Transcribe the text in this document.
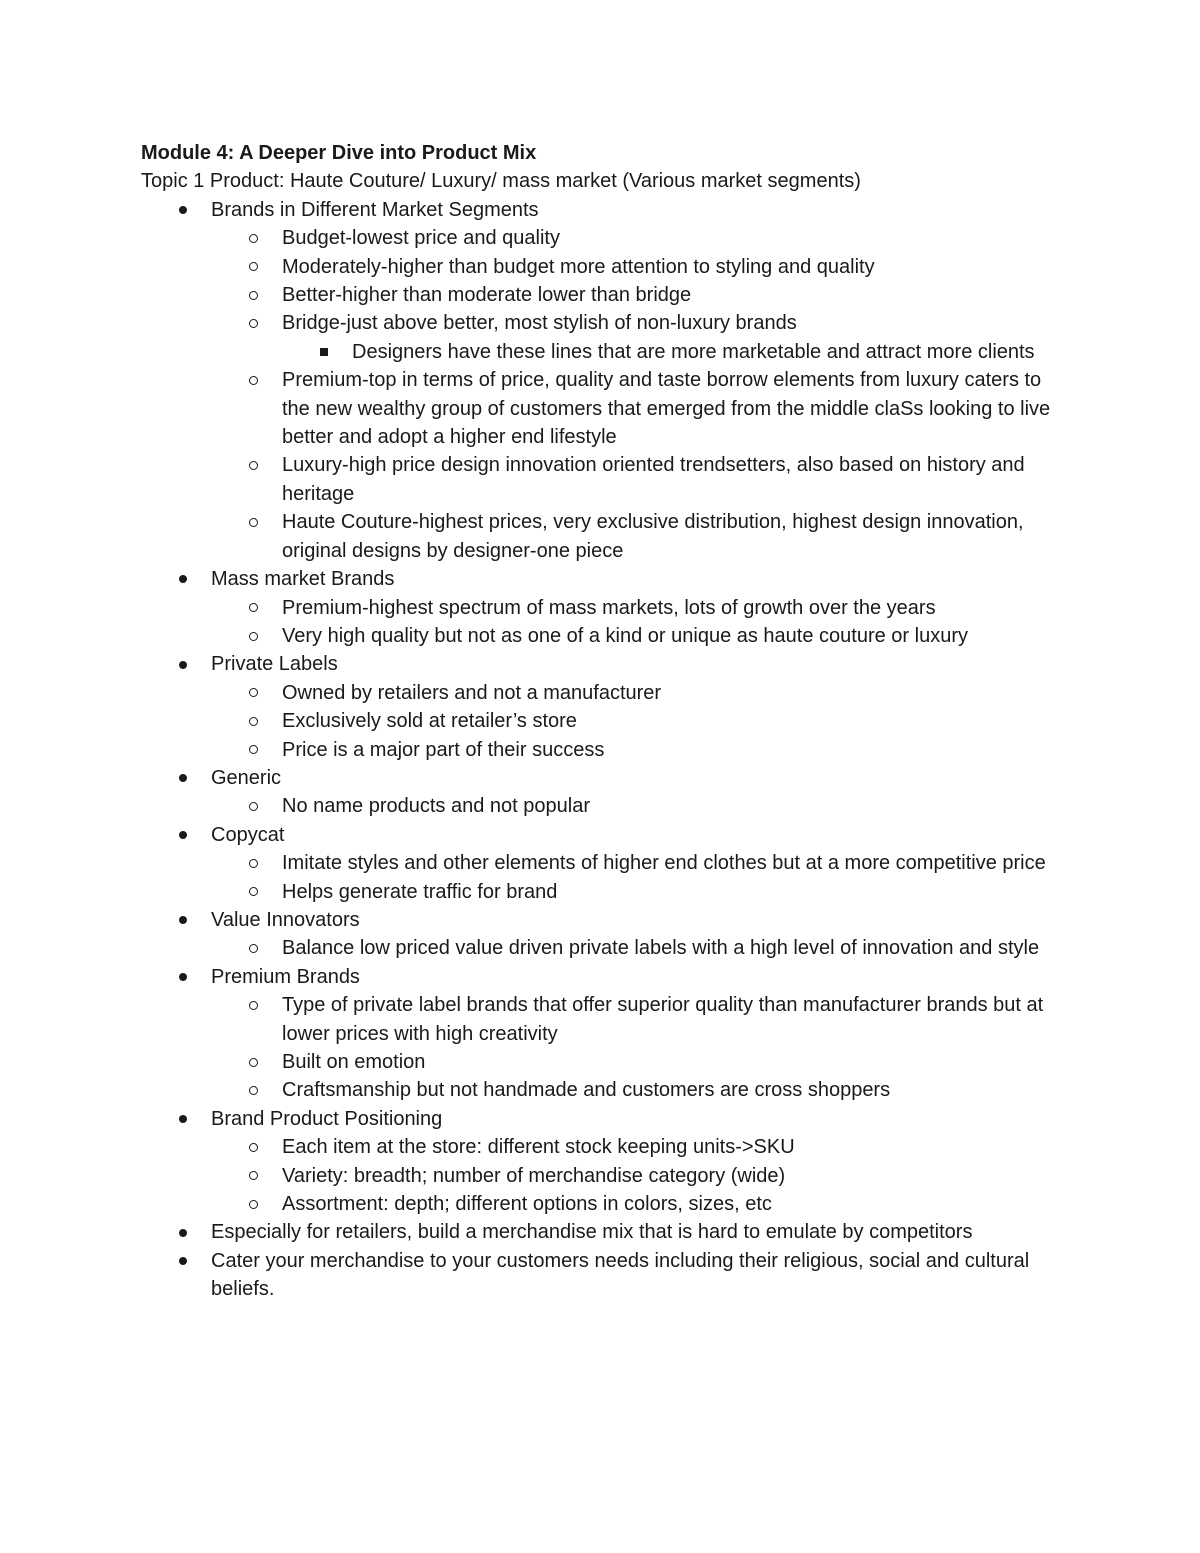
Module 4: A Deeper Dive into Product Mix

Topic 1 Product: Haute Couture/ Luxury/ mass market (Various market segments)

Brands in Different Market Segments
Budget-lowest price and quality
Moderately-higher than budget more attention to styling and quality
Better-higher than moderate lower than bridge
Bridge-just above better, most stylish of non-luxury brands
Designers have these lines that are more marketable and attract more clients
Premium-top in terms of price, quality and taste borrow elements from luxury caters to the new wealthy group of customers that emerged from the middle claSs looking to live better and adopt a higher end lifestyle
Luxury-high price design innovation oriented trendsetters, also based on history and heritage
Haute Couture-highest prices, very exclusive distribution, highest design innovation, original designs by designer-one piece
Mass market Brands
Premium-highest spectrum of mass markets, lots of growth over the years
Very high quality but not as one of a kind or unique as haute couture or luxury
Private Labels
Owned by retailers and not a manufacturer
Exclusively sold at retailer’s store
Price is a major part of their success
Generic
No name products and not popular
Copycat
Imitate styles and other elements of higher end clothes but at a more competitive price
Helps generate traffic for brand
Value Innovators
Balance low priced value driven private labels with a high level of innovation and style
Premium Brands
Type of private label brands that offer superior quality than manufacturer brands but at lower prices with high creativity
Built on emotion
Craftsmanship but not handmade and customers are cross shoppers
Brand Product Positioning
Each item at the store: different stock keeping units->SKU
Variety: breadth; number of merchandise category (wide)
Assortment: depth; different options in colors, sizes, etc
Especially for retailers, build a merchandise mix that is hard to emulate by competitors
Cater your merchandise to your customers needs including their religious, social and cultural beliefs.
